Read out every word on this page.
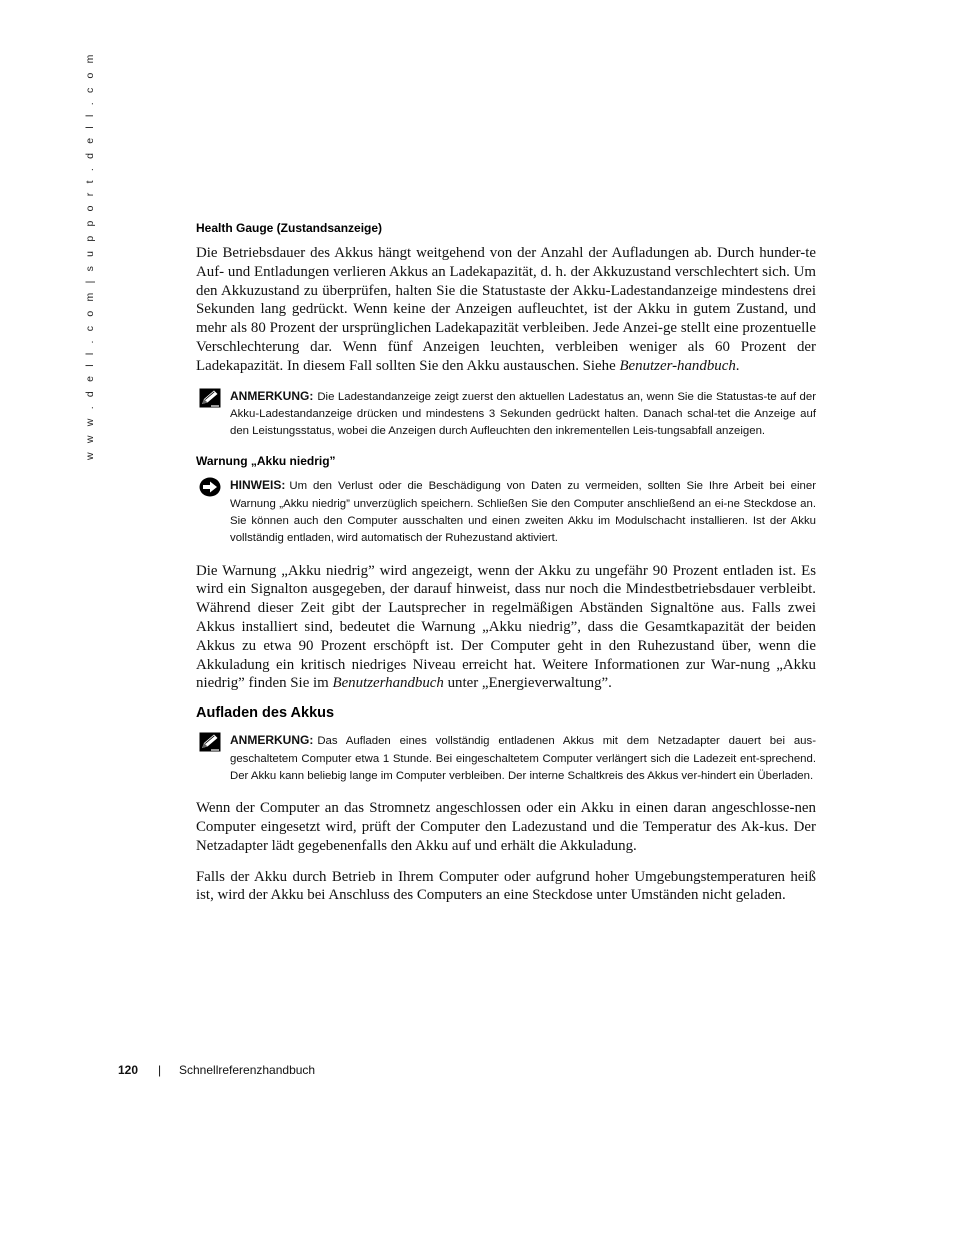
w w w . d e l l . c o m | s u p p o r t . d e l l . c o m	Health Gauge (Zustandsanzeige)

Die Betriebsdauer des Akkus hängt weitgehend von der Anzahl der Aufladungen ab. Durch hunder-te Auf- und Entladungen verlieren Akkus an Ladekapazität, d. h. der Akkuzustand verschlechtert sich. Um den Akkuzustand zu überprüfen, halten Sie die Statustaste der Akku-Ladestandanzeige mindestens drei Sekunden lang gedrückt. Wenn keine der Anzeigen aufleuchtet, ist der Akku in gutem Zustand, und mehr als 80 Prozent der ursprünglichen Ladekapazität verbleiben. Jede Anzei-ge stellt eine prozentuelle Verschlechterung dar. Wenn fünf Anzeigen leuchten, verbleiben weniger als 60 Prozent der Ladekapazität. In diesem Fall sollten Sie den Akku austauschen. Siehe Benutzer-handbuch.

ANMERKUNG: Die Ladestandanzeige zeigt zuerst den aktuellen Ladestatus an, wenn Sie die Statustas-te auf der Akku-Ladestandanzeige drücken und mindestens 3 Sekunden gedrückt halten. Danach schal-tet die Anzeige auf den Leistungsstatus, wobei die Anzeigen durch Aufleuchten den inkrementellen Leis-tungsabfall anzeigen.
Warnung „Akku niedrig”
HINWEIS: Um den Verlust oder die Beschädigung von Daten zu vermeiden, sollten Sie Ihre Arbeit bei einer Warnung „Akku niedrig” unverzüglich speichern. Schließen Sie den Computer anschließend an ei-ne Steckdose an. Sie können auch den Computer ausschalten und einen zweiten Akku im Modulschacht installieren. Ist der Akku vollständig entladen, wird automatisch der Ruhezustand aktiviert.

Die Warnung „Akku niedrig” wird angezeigt, wenn der Akku zu ungefähr 90 Prozent entladen ist. Es wird ein Signalton ausgegeben, der darauf hinweist, dass nur noch die Mindestbetriebsdauer verbleibt. Während dieser Zeit gibt der Lautsprecher in regelmäßigen Abständen Signaltöne aus. Falls zwei Akkus installiert sind, bedeutet die Warnung „Akku niedrig”, dass die Gesamtkapazität der beiden Akkus zu etwa 90 Prozent erschöpft ist. Der Computer geht in den Ruhezustand über, wenn die Akkuladung ein kritisch niedriges Niveau erreicht hat. Weitere Informationen zur War-nung „Akku niedrig” finden Sie im Benutzerhandbuch unter „Energieverwaltung”.

Aufladen des Akkus
ANMERKUNG: Das Aufladen eines vollständig entladenen Akkus mit dem Netzadapter dauert bei aus-geschaltetem Computer etwa 1 Stunde. Bei eingeschaltetem Computer verlängert sich die Ladezeit ent-sprechend. Der Akku kann beliebig lange im Computer verbleiben. Der interne Schaltkreis des Akkus ver-hindert ein Überladen.

Wenn der Computer an das Stromnetz angeschlossen oder ein Akku in einen daran angeschlosse-nen Computer eingesetzt wird, prüft der Computer den Ladezustand und die Temperatur des Ak-kus. Der Netzadapter lädt gegebenenfalls den Akku auf und erhält die Akkuladung.

Falls der Akku durch Betrieb in Ihrem Computer oder aufgrund hoher Umgebungstemperaturen heiß ist, wird der Akku bei Anschluss des Computers an eine Steckdose unter Umständen nicht geladen.

120 | Schnellreferenzhandbuch
